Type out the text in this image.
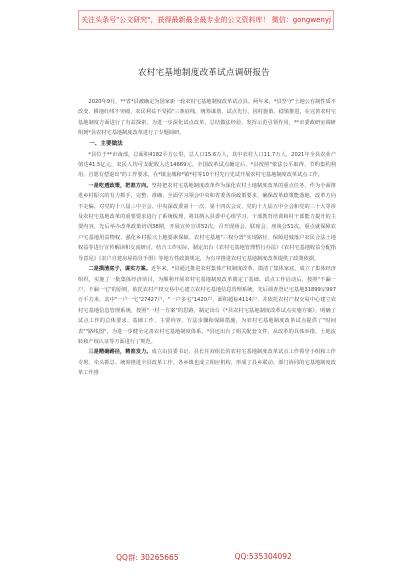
关注头条号"公文研究"，获得最新最全最专业的公文资料库！ 微信：gongwenyj
农村宅基地制度改革试点调研报告

2020年9月，**省*县被确定为国家新一轮农村宅基地制度改革试点县。两年来，*县坚守"土地公有制性质不改变、耕地红线不突破、农民利益不受损"三条底线，统筹谋划、试点先行，因村施策、稳慎推进，在完善农村宅基地制度方面进行了有益探索。为进一步深化试点改革，总结做法经验，发挥示范引领作用，**市委政研室调研组到*县农村宅基地制度改革进行了专题调研。

一、主要做法

*县位于**市南部，总面积4182平方公里，总人口15.6万人，其中农村人口11.7万人，2021年全县农业产值达41.5亿元，农民人均可支配收入达14669元。全国改革试点确定后，*县按照"依法公平取得、节约集约利用、自愿有偿退出"的工作要求，在*镇金城和*镇*村等10个村先行先试开展农村宅基地制度改革试点工作。

一是吃透政策，把准方向。坚持把农村宅基地制度改革作为深化农村土地制度改革的重点任务，作为全面推进乡村振兴的有力抓手，完整、准确、全面学习领会中央和省委各项政策要求，确保改革政策能落地、改革方向不走偏。对党的十八届三中全会、中央深改委第十一次、第十四次会议、党的十九届五中全会和党的二十大等涉及农村宅基地改革的重要要求进行了系统梳理，将其纳入县委中心组学习、干部教育培训和村干部能力提升的主要内容，先后举办改革政策培训38期，开展宣传宣讲52次，召开现场会、联席会、座谈会51次，重点就保障农户宅基地用益物权、强化乡村振兴土地要素保障、农村宅基地"三权分置"实现路径、保障进城落户农民合法土地权益等进行宣传解读和交流研讨，结合工作实际，制定出台《农村宅基地管理暂行办法》《农村宅基地收益分配指导意见》《农户自建房屋指导手册》等地方性政策规定，为有序推进农村宅基地制度改革提供了政策依据。

二是摸清底子，谋实方案。近年来，*县通过推进农村集体产权制度改革，摸清了集体家底，成立了集体经济组织，实施了一批集体经济项目，为顺利开展农村宅基地制度改革奠定了基础。试点工作启动后，按照"不漏一户、不漏一宅"的原则，依托农村产权交易中心建立农村宅基地信息管理系统，先后调查登记宅基地31899宗997万平方米，其中"一户一宅"27427户，"一户多宅"1420户，面积超标4114户，并依托农村产权交易中心建立农村宅基地信息管理系统，按照"一村一方案"的思路，制定出台《*县农村宅基地制度改革试点实施方案》，明确了试点工作的总体要求、基础工作、主要内容、方法步骤和保障措施，为农村宅基地制度改革试点提供了"时间表""路线图"，为进一步健全完善农村宅基地制度体系，*县还出台了相关配套文件，从改革的具体举措、土地流转和产权认证等方面进行了规范。

三是精确路径，精准发力。成立由县委书记、县长任双组长的农村宅基地制度改革试点工作领导小组和工作专班，牵头抓总、统筹推进全县改革工作。各乡镇也成立相应机构，形成了县乡联动、部门协同的宅基地制度改革工作推

QQ群: 30265665	QQ:535304092
